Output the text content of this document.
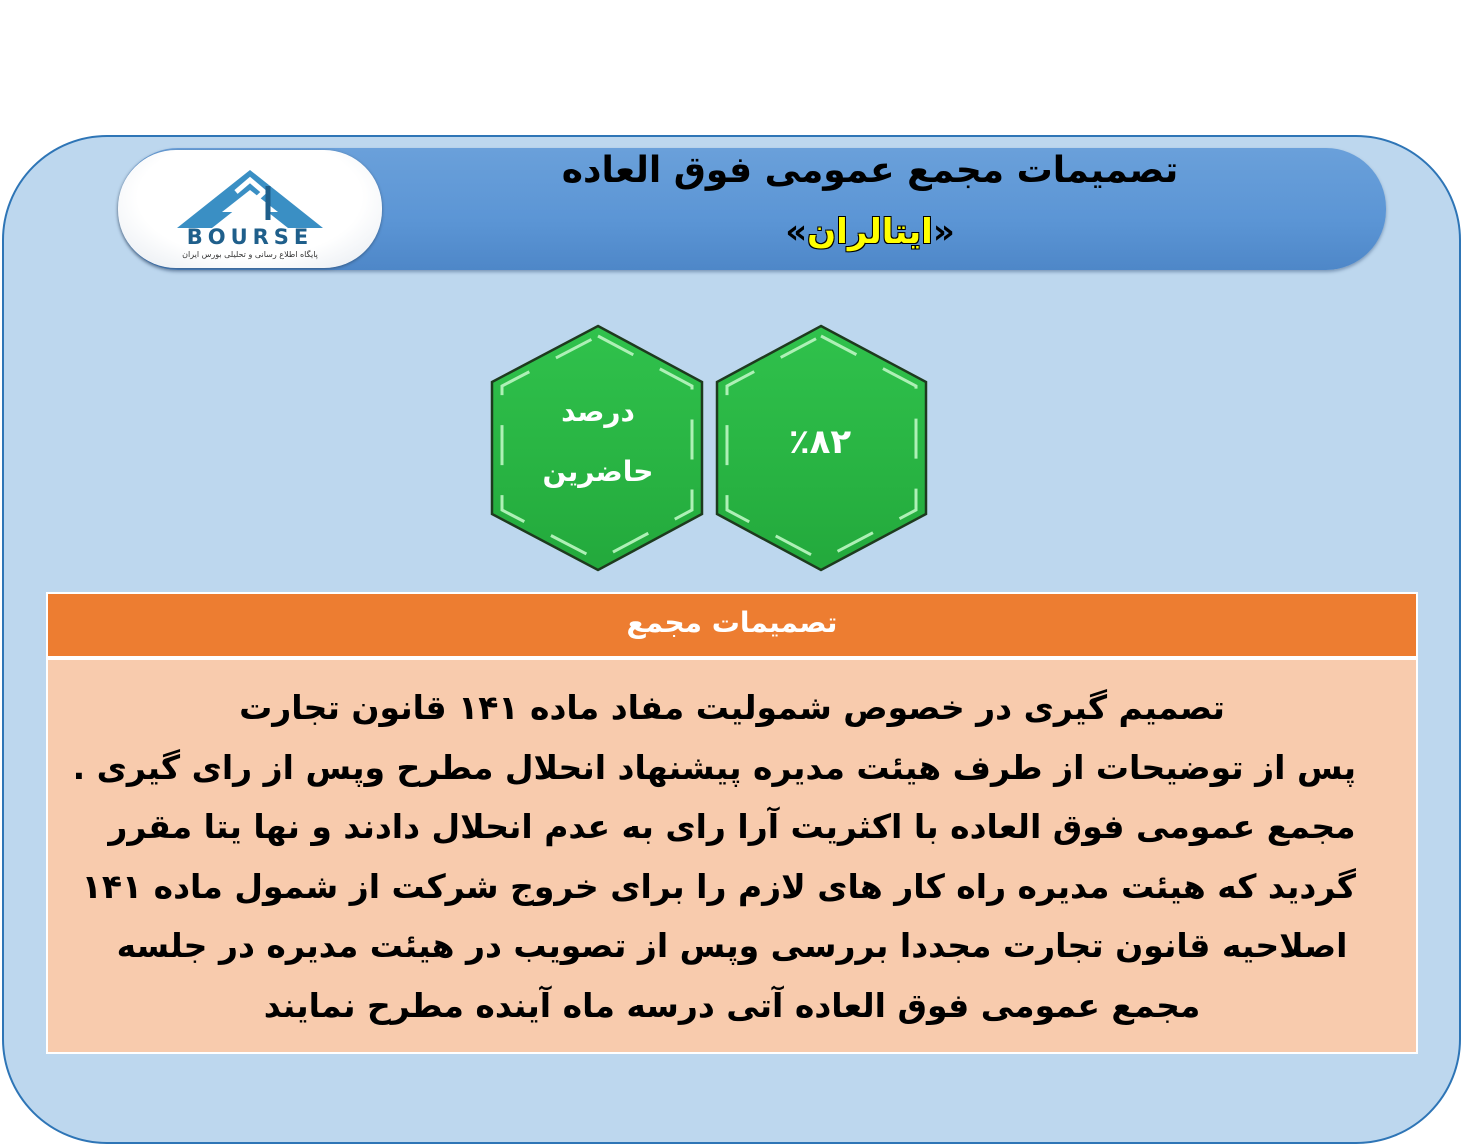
BOURSE
پایگاه اطلاع رسانی و تحلیلی بورس ایران
تصمیمات مجمع عمومی فوق العاده
«ایتالران»
درصد
حاضرین
٪۸۲
تصمیمات مجمع
تصمیم گیری در خصوص شمولیت مفاد ماده ۱۴۱ قانون تجارت
پس از توضیحات از طرف هیئت مدیره پیشنهاد انحلال مطرح وپس از رای گیری .
مجمع عمومی فوق العاده با اکثریت آرا رای به عدم انحلال دادند و نها یتا مقرر
گردید که هیئت مدیره راه کار های لازم را برای خروج شرکت از شمول ماده ۱۴۱
اصلاحیه قانون تجارت مجددا بررسی وپس از تصویب در هیئت مدیره در جلسه
مجمع عمومی فوق العاده آتی درسه ماه آینده مطرح نمایند
